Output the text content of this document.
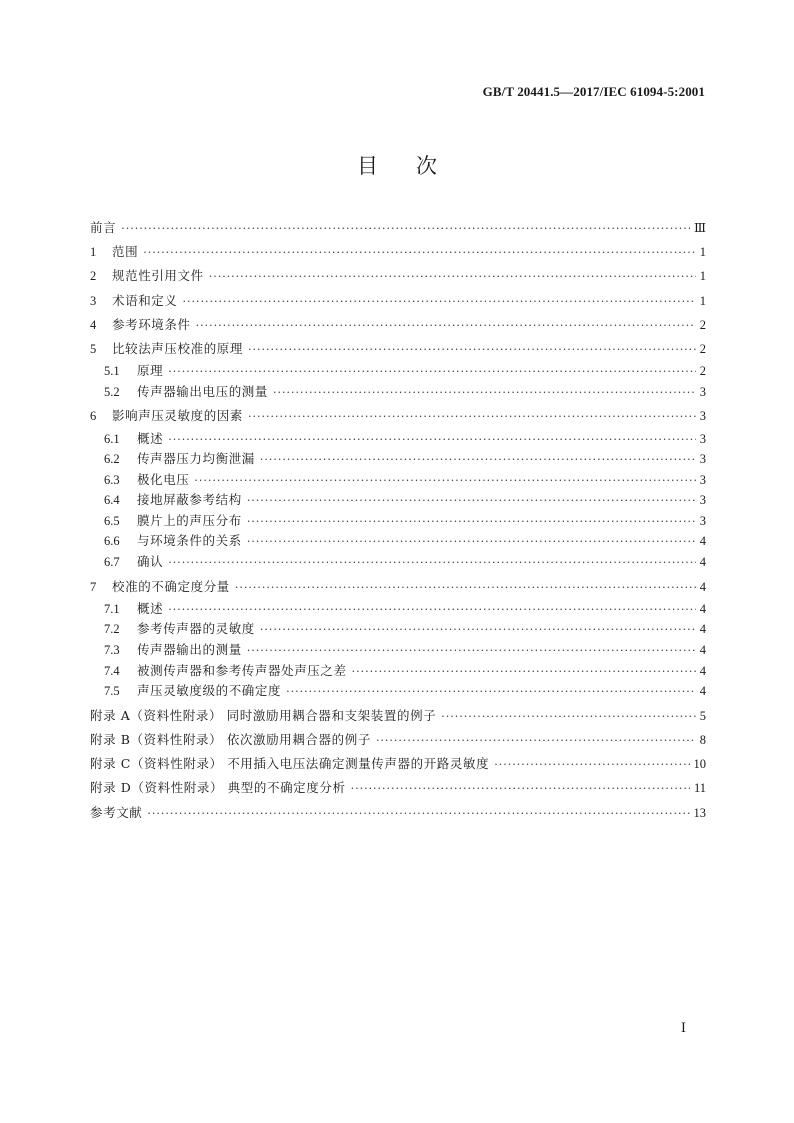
GB/T 20441.5—2017/IEC 61094-5:2001
目次
前言 ·····	Ⅲ
1	范围 ·····	1
2	规范性引用文件 ·····	1
3	术语和定义 ·····	1
4	参考环境条件 ·····	2
5	比较法声压校准的原理 ·····	2
5.1	原理 ·····	2
5.2	传声器输出电压的测量 ·····	3
6	影响声压灵敏度的因素 ·····	3
6.1	概述 ·····	3
6.2	传声器压力均衡泄漏 ·····	3
6.3	极化电压 ·····	3
6.4	接地屏蔽参考结构 ·····	3
6.5	膜片上的声压分布 ·····	3
6.6	与环境条件的关系 ·····	4
6.7	确认 ·····	4
7	校准的不确定度分量 ·····	4
7.1	概述 ·····	4
7.2	参考传声器的灵敏度 ·····	4
7.3	传声器输出的测量 ·····	4
7.4	被测传声器和参考传声器处声压之差 ·····	4
7.5	声压灵敏度级的不确定度 ·····	4
附录 A（资料性附录） 同时激励用耦合器和支架装置的例子 ·····	5
附录 B（资料性附录） 依次激励用耦合器的例子 ·····	8
附录 C（资料性附录） 不用插入电压法确定测量传声器的开路灵敏度 ·····	10
附录 D（资料性附录） 典型的不确定度分析 ·····	11
参考文献 ·····	13
Ⅰ
